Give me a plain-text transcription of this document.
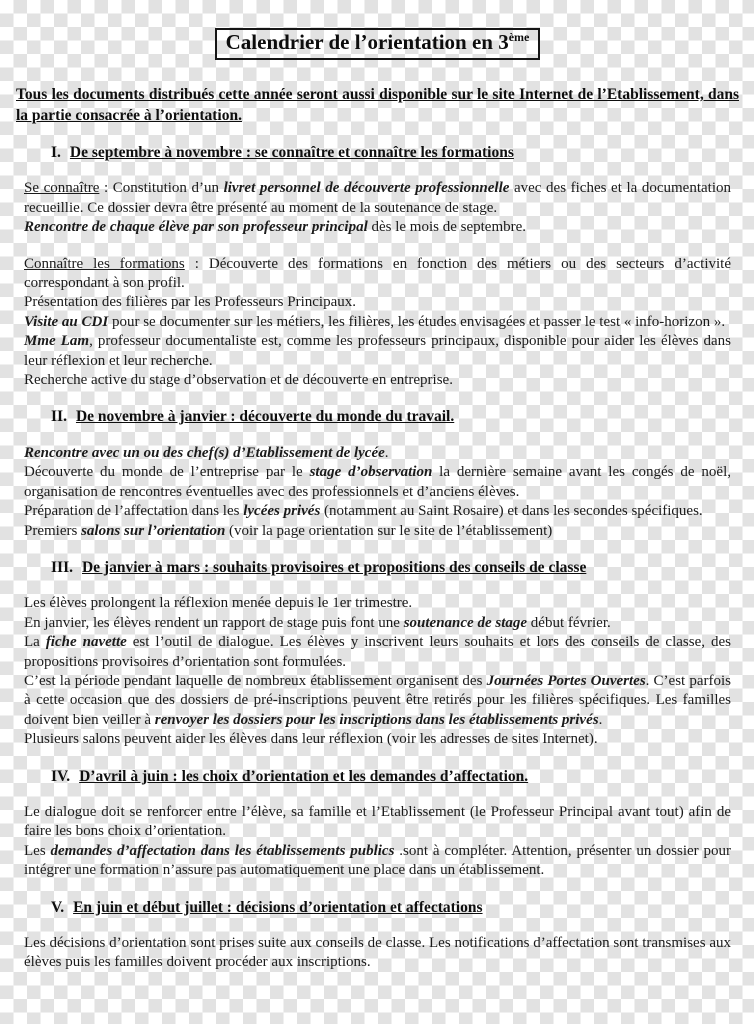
Calendrier de l’orientation en 3ème

Tous les documents distribués cette année seront aussi disponible sur le site Internet de l’Etablissement, dans la partie consacrée à l’orientation.

I. De septembre à novembre : se connaître et connaître les formations

Se connaître : Constitution d’un livret personnel de découverte professionnelle avec des fiches et la documentation recueillie. Ce dossier devra être présenté au moment de la soutenance de stage.

Rencontre de chaque élève par son professeur principal dès le mois de septembre.

Connaître les formations : Découverte des formations en fonction des métiers ou des secteurs d’activité correspondant à son profil.

Présentation des filières par les Professeurs Principaux.

Visite au CDI pour se documenter sur les métiers, les filières, les études envisagées et passer le test « info-horizon ».

Mme Lam, professeur documentaliste est, comme les professeurs principaux, disponible pour aider les élèves dans leur réflexion et leur recherche.

Recherche active du stage d’observation et de découverte en entreprise.

II. De novembre à janvier : découverte du monde du travail.

Rencontre avec un ou des chef(s) d’Etablissement de lycée.

Découverte du monde de l’entreprise par le stage d’observation la dernière semaine avant les congés de noël, organisation de rencontres éventuelles avec des professionnels et d’anciens élèves.

Préparation de l’affectation dans les lycées privés (notamment au Saint Rosaire) et dans les secondes spécifiques.

Premiers salons sur l’orientation (voir la page orientation sur le site de l’établissement)

III. De janvier à mars : souhaits provisoires et propositions des conseils de classe

Les élèves prolongent la réflexion menée depuis le 1er trimestre.

En janvier, les élèves rendent un rapport de stage puis font une soutenance de stage début février.

La fiche navette est l’outil de dialogue. Les élèves y inscrivent leurs souhaits et lors des conseils de classe, des propositions provisoires d’orientation sont formulées.

C’est la période pendant laquelle de nombreux établissement organisent des Journées Portes Ouvertes. C’est parfois à cette occasion que des dossiers de pré-inscriptions peuvent être retirés pour les filières spécifiques. Les familles doivent bien veiller à renvoyer les dossiers pour les inscriptions dans les établissements privés.

Plusieurs salons peuvent aider les élèves dans leur réflexion (voir les adresses de sites Internet).

IV. D’avril à juin : les choix d’orientation et les demandes d’affectation.

Le dialogue doit se renforcer entre l’élève, sa famille et l’Etablissement (le Professeur Principal avant tout) afin de faire les bons choix d’orientation.

Les demandes d’affectation dans les établissements publics .sont à compléter. Attention, présenter un dossier pour intégrer une formation n’assure pas automatiquement une place dans un établissement.

V. En juin et début juillet : décisions d’orientation et affectations

Les décisions d’orientation sont prises suite aux conseils de classe. Les notifications d’affectation sont transmises aux élèves puis les familles doivent procéder aux inscriptions.
